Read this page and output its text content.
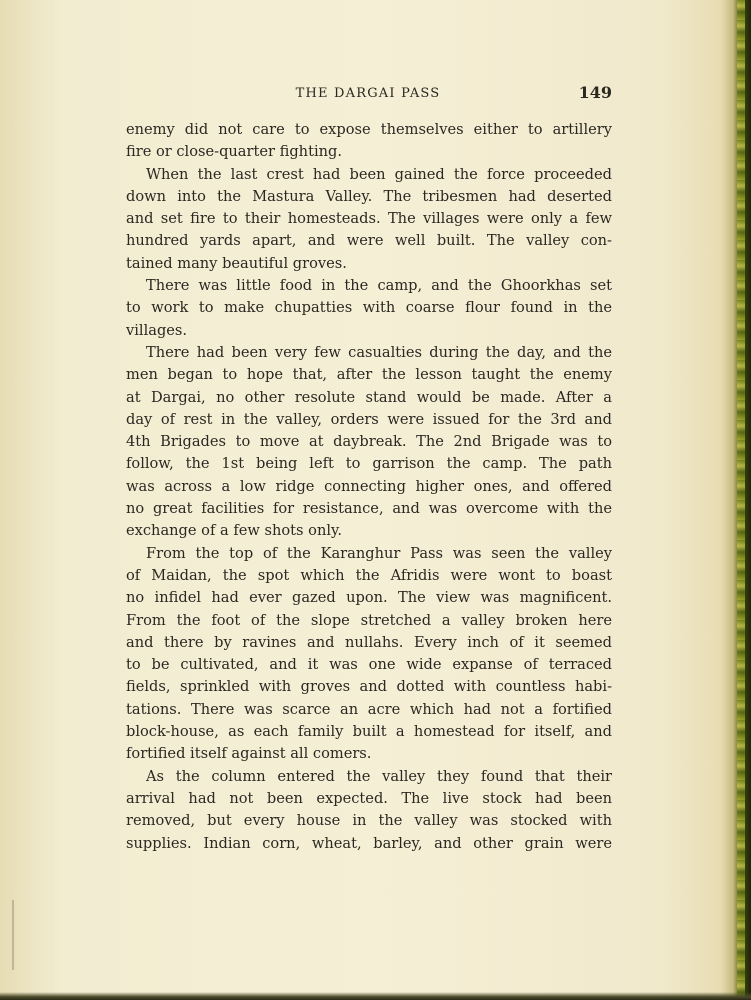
THE DARGAI PASS	149
enemy did not care to expose themselves either to artillery
fire or close-quarter fighting.
When the last crest had been gained the force proceeded
down into the Mastura Valley. The tribesmen had deserted
and set fire to their homesteads. The villages were only a few
hundred yards apart, and were well built. The valley con-
tained many beautiful groves.
There was little food in the camp, and the Ghoorkhas set
to work to make chupatties with coarse flour found in the
villages.
There had been very few casualties during the day, and the
men began to hope that, after the lesson taught the enemy
at Dargai, no other resolute stand would be made. After a
day of rest in the valley, orders were issued for the 3rd and
4th Brigades to move at daybreak. The 2nd Brigade was to
follow, the 1st being left to garrison the camp. The path
was across a low ridge connecting higher ones, and offered
no great facilities for resistance, and was overcome with the
exchange of a few shots only.
From the top of the Karanghur Pass was seen the valley
of Maidan, the spot which the Afridis were wont to boast
no infidel had ever gazed upon. The view was magnificent.
From the foot of the slope stretched a valley broken here
and there by ravines and nullahs. Every inch of it seemed
to be cultivated, and it was one wide expanse of terraced
fields, sprinkled with groves and dotted with countless habi-
tations. There was scarce an acre which had not a fortified
block-house, as each family built a homestead for itself, and
fortified itself against all comers.
As the column entered the valley they found that their
arrival had not been expected. The live stock had been
removed, but every house in the valley was stocked with
supplies. Indian corn, wheat, barley, and other grain were
